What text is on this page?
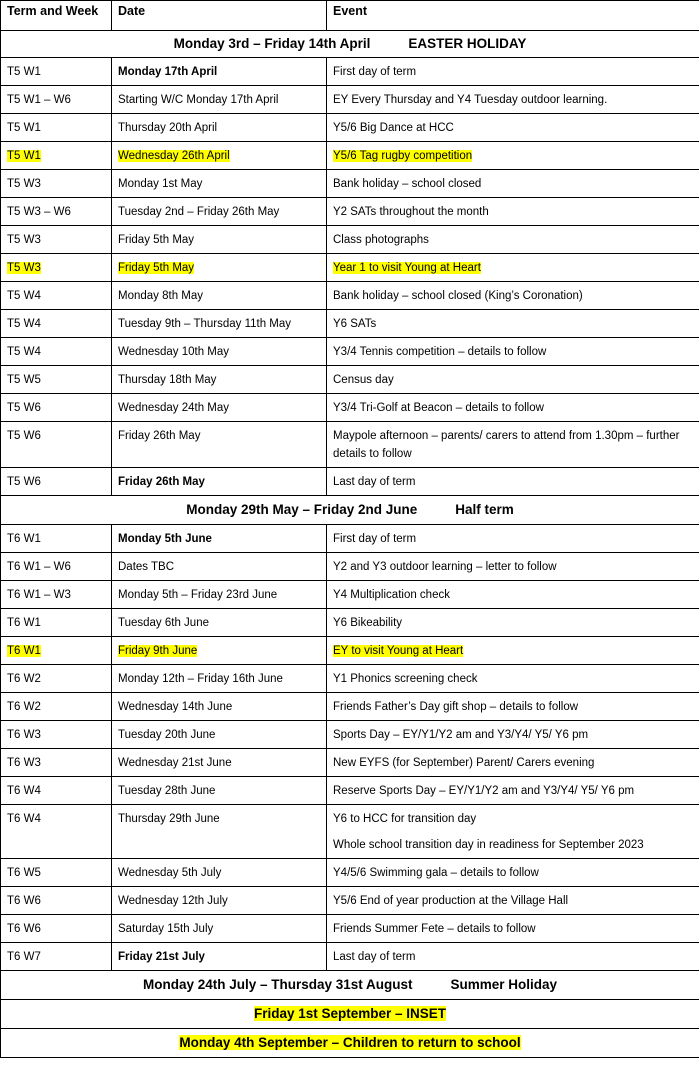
Term and Week	Date	Event
Monday 3rd – Friday 14th April EASTER HOLIDAY		
T5 W1	Monday 17th April	First day of term
T5 W1 – W6	Starting W/C Monday 17th April	EY Every Thursday and Y4 Tuesday outdoor learning.
T5 W1	Thursday 20th April	Y5/6 Big Dance at HCC
T5 W1	Wednesday 26th April	Y5/6 Tag rugby competition
T5 W3	Monday 1st May	Bank holiday – school closed
T5 W3 – W6	Tuesday 2nd – Friday 26th May	Y2 SATs throughout the month
T5 W3	Friday 5th May	Class photographs
T5 W3	Friday 5th May	Year 1 to visit Young at Heart
T5 W4	Monday 8th May	Bank holiday – school closed (King’s Coronation)
T5 W4	Tuesday 9th – Thursday 11th May	Y6 SATs
T5 W4	Wednesday 10th May	Y3/4 Tennis competition – details to follow
T5 W5	Thursday 18th May	Census day
T5 W6	Wednesday 24th May	Y3/4 Tri-Golf at Beacon – details to follow
T5 W6	Friday 26th May	Maypole afternoon – parents/ carers to attend from 1.30pm – further details to follow
T5 W6	Friday 26th May	Last day of term
Monday 29th May – Friday 2nd June Half term		
T6 W1	Monday 5th June	First day of term
T6 W1 – W6	Dates TBC	Y2 and Y3 outdoor learning – letter to follow
T6 W1 – W3	Monday 5th – Friday 23rd June	Y4 Multiplication check
T6 W1	Tuesday 6th June	Y6 Bikeability
T6 W1	Friday 9th June	EY to visit Young at Heart
T6 W2	Monday 12th – Friday 16th June	Y1 Phonics screening check
T6 W2	Wednesday 14th June	Friends Father’s Day gift shop – details to follow
T6 W3	Tuesday 20th June	Sports Day – EY/Y1/Y2 am and Y3/Y4/ Y5/ Y6 pm
T6 W3	Wednesday 21st June	New EYFS (for September) Parent/ Carers evening
T6 W4	Tuesday 28th June	Reserve Sports Day – EY/Y1/Y2 am and Y3/Y4/ Y5/ Y6 pm
T6 W4	Thursday 29th June	Y6 to HCC for transition day
Whole school transition day in readiness for September 2023

T6 W5	Wednesday 5th July	Y4/5/6 Swimming gala – details to follow
T6 W6	Wednesday 12th July	Y5/6 End of year production at the Village Hall
T6 W6	Saturday 15th July	Friends Summer Fete – details to follow
T6 W7	Friday 21st July	Last day of term
Monday 24th July – Thursday 31st August Summer Holiday		
Friday 1st September – INSET		
Monday 4th September – Children to return to school		
